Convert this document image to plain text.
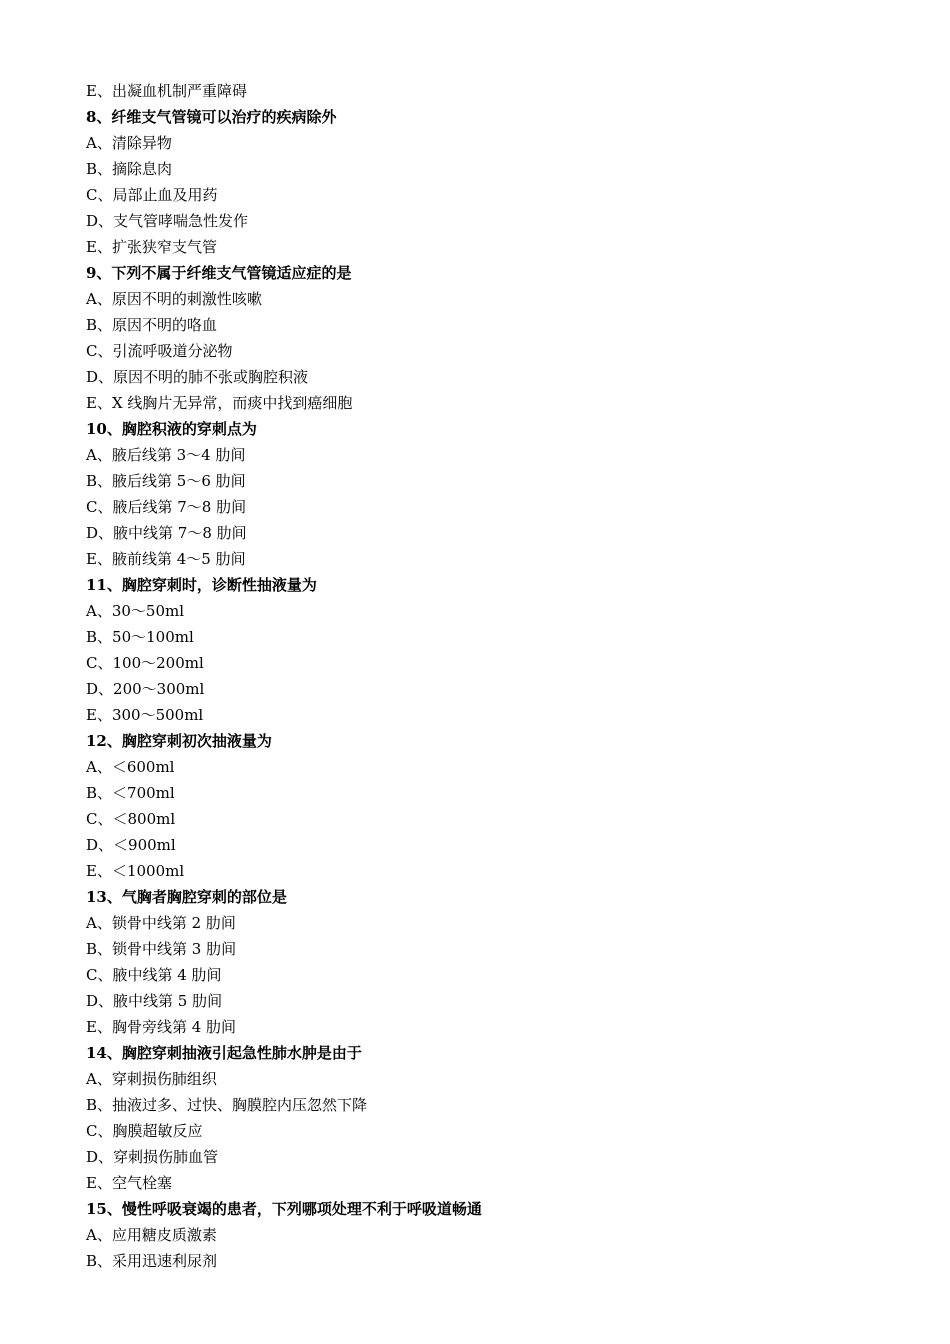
E、出凝血机制严重障碍
8、纤维支气管镜可以治疗的疾病除外
A、清除异物
B、摘除息肉
C、局部止血及用药
D、支气管哮喘急性发作
E、扩张狭窄支气管
9、下列不属于纤维支气管镜适应症的是
A、原因不明的刺激性咳嗽
B、原因不明的咯血
C、引流呼吸道分泌物
D、原因不明的肺不张或胸腔积液
E、X 线胸片无异常，而痰中找到癌细胞
10、胸腔积液的穿刺点为
A、腋后线第 3～4 肋间
B、腋后线第 5～6 肋间
C、腋后线第 7～8 肋间
D、腋中线第 7～8 肋间
E、腋前线第 4～5 肋间
11、胸腔穿刺时，诊断性抽液量为
A、30～50ml
B、50～100ml
C、100～200ml
D、200～300ml
E、300～500ml
12、胸腔穿刺初次抽液量为
A、＜600ml
B、＜700ml
C、＜800ml
D、＜900ml
E、＜1000ml
13、气胸者胸腔穿刺的部位是
A、锁骨中线第 2 肋间
B、锁骨中线第 3 肋间
C、腋中线第 4 肋间
D、腋中线第 5 肋间
E、胸骨旁线第 4 肋间
14、胸腔穿刺抽液引起急性肺水肿是由于
A、穿刺损伤肺组织
B、抽液过多、过快、胸膜腔内压忽然下降
C、胸膜超敏反应
D、穿刺损伤肺血管
E、空气栓塞
15、慢性呼吸衰竭的患者，下列哪项处理不利于呼吸道畅通
A、应用糖皮质激素
B、采用迅速利尿剂
